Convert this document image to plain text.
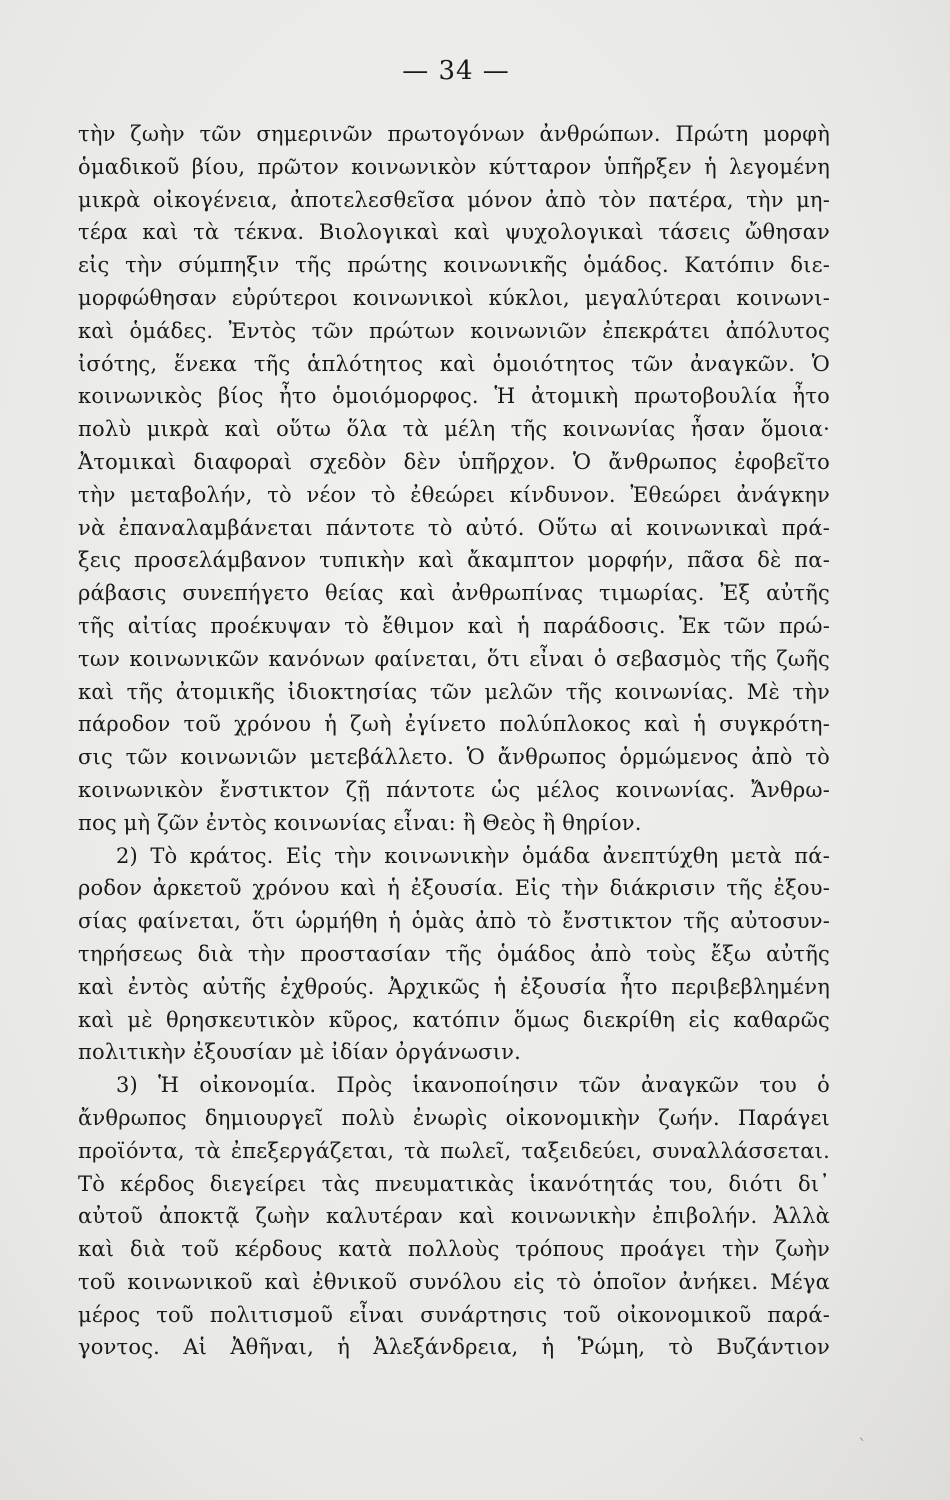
— 34 —
τὴν ζωὴν τῶν σημερινῶν πρωτογόνων ἀνθρώπων. Πρώτη μορφὴ
ὁμαδικοῦ βίου, πρῶτον κοινωνικὸν κύτταρον ὑπῆρξεν ἡ λεγομένη
μικρὰ οἰκογένεια, ἀποτελεσθεῖσα μόνον ἀπὸ τὸν πατέρα, τὴν μη-
τέρα καὶ τὰ τέκνα. Βιολογικαὶ καὶ ψυχολογικαὶ τάσεις ὤθησαν
εἰς τὴν σύμπηξιν τῆς πρώτης κοινωνικῆς ὁμάδος. Κατόπιν διε-
μορφώθησαν εὐρύτεροι κοινωνικοὶ κύκλοι, μεγαλύτεραι κοινωνι-
καὶ ὁμάδες. Ἐντὸς τῶν πρώτων κοινωνιῶν ἐπεκράτει ἀπόλυτος
ἰσότης, ἕνεκα τῆς ἁπλότητος καὶ ὁμοιότητος τῶν ἀναγκῶν. Ὁ
κοινωνικὸς βίος ἦτο ὁμοιόμορφος. Ἡ ἀτομικὴ πρωτοβουλία ἦτο
πολὺ μικρὰ καὶ οὕτω ὅλα τὰ μέλη τῆς κοινωνίας ἦσαν ὅμοια·
Ἀτομικαὶ διαφοραὶ σχεδὸν δὲν ὑπῆρχον. Ὁ ἄνθρωπος ἐφοβεῖτο
τὴν μεταβολήν, τὸ νέον τὸ ἐθεώρει κίνδυνον. Ἐθεώρει ἀνάγκην
νὰ ἐπαναλαμβάνεται πάντοτε τὸ αὐτό. Οὕτω αἱ κοινωνικαὶ πρά-
ξεις προσελάμβανον τυπικὴν καὶ ἄκαμπτον μορφήν, πᾶσα δὲ πα-
ράβασις συνεπήγετο θείας καὶ ἀνθρωπίνας τιμωρίας. Ἐξ αὐτῆς
τῆς αἰτίας προέκυψαν τὸ ἔθιμον καὶ ἡ παράδοσις. Ἐκ τῶν πρώ-
των κοινωνικῶν κανόνων φαίνεται, ὅτι εἶναι ὁ σεβασμὸς τῆς ζωῆς
καὶ τῆς ἀτομικῆς ἰδιοκτησίας τῶν μελῶν τῆς κοινωνίας. Μὲ τὴν
πάροδον τοῦ χρόνου ἡ ζωὴ ἐγίνετο πολύπλοκος καὶ ἡ συγκρότη-
σις τῶν κοινωνιῶν μετεβάλλετο. Ὁ ἄνθρωπος ὁρμώμενος ἀπὸ τὸ
κοινωνικὸν ἔνστικτον ζῇ πάντοτε ὡς μέλος κοινωνίας. Ἄνθρω-
πος μὴ ζῶν ἐντὸς κοινωνίας εἶναι: ἢ Θεὸς ἢ θηρίον.
2) Τὸ κράτος. Εἰς τὴν κοινωνικὴν ὁμάδα ἀνεπτύχθη μετὰ πά-
ροδον ἀρκετοῦ χρόνου καὶ ἡ ἐξουσία. Εἰς τὴν διάκρισιν τῆς ἐξου-
σίας φαίνεται, ὅτι ὡρμήθη ἡ ὁμὰς ἀπὸ τὸ ἔνστικτον τῆς αὐτοσυν-
τηρήσεως διὰ τὴν προστασίαν τῆς ὁμάδος ἀπὸ τοὺς ἔξω αὐτῆς
καὶ ἐντὸς αὐτῆς ἐχθρούς. Ἀρχικῶς ἡ ἐξουσία ἦτο περιβεβλημένη
καὶ μὲ θρησκευτικὸν κῦρος, κατόπιν ὅμως διεκρίθη εἰς καθαρῶς
πολιτικὴν ἐξουσίαν μὲ ἰδίαν ὀργάνωσιν.
3) Ἡ οἰκονομία. Πρὸς ἱκανοποίησιν τῶν ἀναγκῶν του ὁ
ἄνθρωπος δημιουργεῖ πολὺ ἐνωρὶς οἰκονομικὴν ζωήν. Παράγει
προϊόντα, τὰ ἐπεξεργάζεται, τὰ πωλεῖ, ταξειδεύει, συναλλάσσεται.
Τὸ κέρδος διεγείρει τὰς πνευματικὰς ἱκανότητάς του, διότι δι᾽
αὐτοῦ ἀποκτᾷ ζωὴν καλυτέραν καὶ κοινωνικὴν ἐπιβολήν. Ἀλλὰ
καὶ διὰ τοῦ κέρδους κατὰ πολλοὺς τρόπους προάγει τὴν ζωὴν
τοῦ κοινωνικοῦ καὶ ἐθνικοῦ συνόλου εἰς τὸ ὁποῖον ἀνήκει. Μέγα
μέρος τοῦ πολιτισμοῦ εἶναι συνάρτησις τοῦ οἰκονομικοῦ παρά-
γοντος. Αἱ Ἀθῆναι, ἡ Ἀλεξάνδρεια, ἡ Ῥώμη, τὸ Βυζάντιον
`
